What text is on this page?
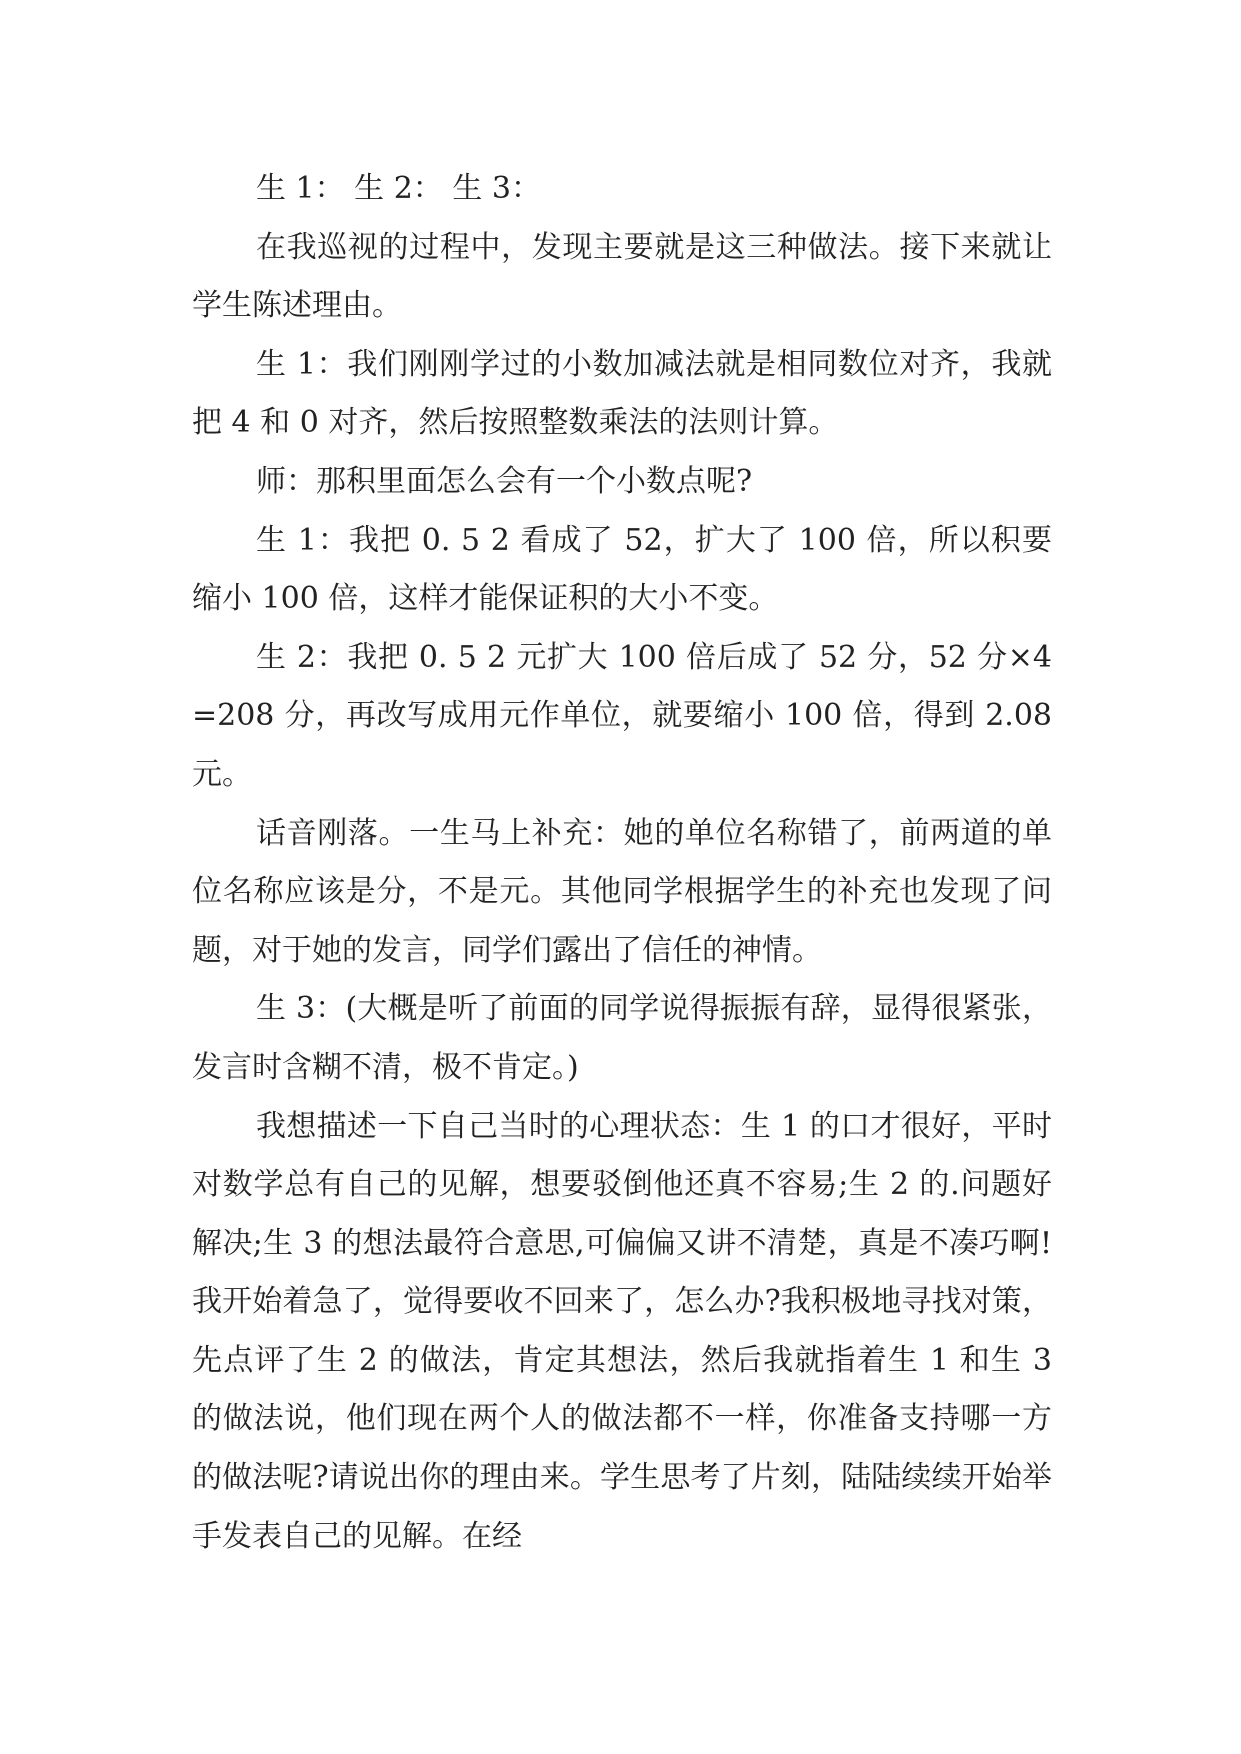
生 1： 生 2： 生 3：

在我巡视的过程中，发现主要就是这三种做法。接下来就让学生陈述理由。

生 1：我们刚刚学过的小数加减法就是相同数位对齐，我就把 4 和 0 对齐，然后按照整数乘法的法则计算。

师：那积里面怎么会有一个小数点呢?

生 1：我把 0. 5 2 看成了 52，扩大了 100 倍，所以积要缩小 100 倍，这样才能保证积的大小不变。

生 2：我把 0. 5 2 元扩大 100 倍后成了 52 分，52 分×4=208 分，再改写成用元作单位，就要缩小 100 倍，得到 2.08 元。

话音刚落。一生马上补充：她的单位名称错了，前两道的单位名称应该是分，不是元。其他同学根据学生的补充也发现了问题，对于她的发言，同学们露出了信任的神情。

生 3：(大概是听了前面的同学说得振振有辞，显得很紧张，发言时含糊不清，极不肯定。)

我想描述一下自己当时的心理状态：生 1 的口才很好，平时对数学总有自己的见解，想要驳倒他还真不容易;生 2 的.问题好解决;生 3 的想法最符合意思,可偏偏又讲不清楚，真是不凑巧啊!我开始着急了，觉得要收不回来了，怎么办?我积极地寻找对策，先点评了生 2 的做法，肯定其想法，然后我就指着生 1 和生 3 的做法说，他们现在两个人的做法都不一样，你准备支持哪一方的做法呢?请说出你的理由来。学生思考了片刻，陆陆续续开始举手发表自己的见解。在经
